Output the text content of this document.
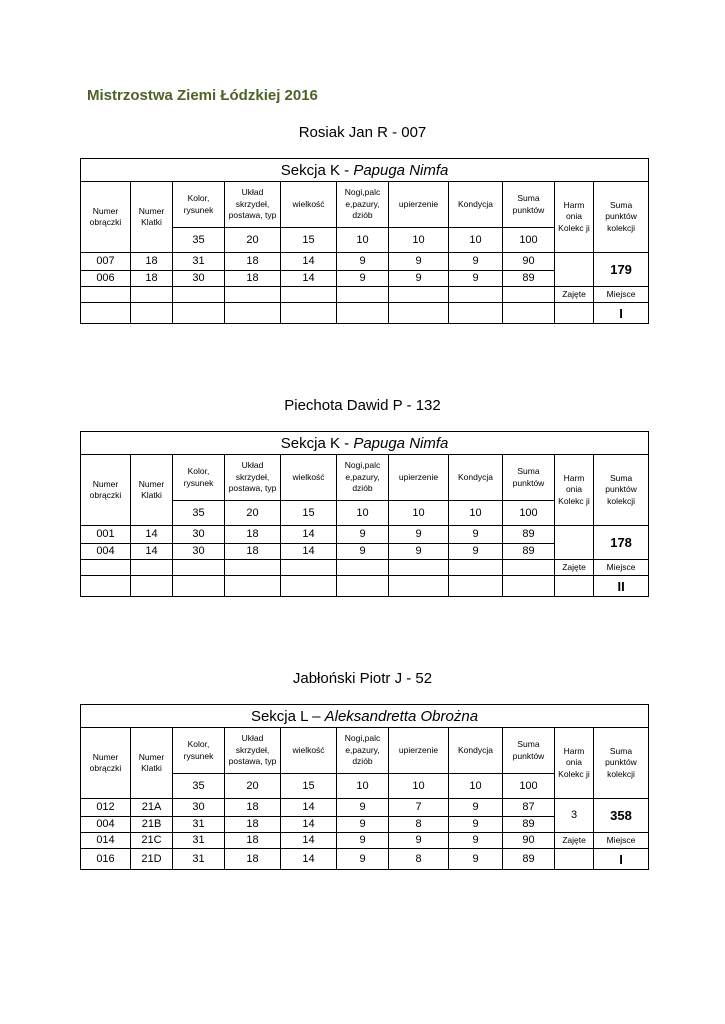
Mistrzostwa Ziemi Łódzkiej 2016
Rosiak Jan R - 007
Sekcja K - Papuga Nimfa										
Numer obrączki	Numer Klatki	Kolor, rysunek	Układ skrzydeł, postawa, typ	wielkość	Nogi,palc e,pazury, dziób	upierzenie	Kondycja	Suma punktów	Harm onia Kolekc ji	Suma punktów kolekcji
		35	20	15	10	10	10	100		
007	18	31	18	14	9	9	9	90		179
006	18	30	18	14	9	9	9	89		
									Zajęte	Miejsce
										I
Piechota Dawid P - 132
Sekcja K - Papuga Nimfa										
Numer obrączki	Numer Klatki	Kolor, rysunek	Układ skrzydeł, postawa, typ	wielkość	Nogi,palc e,pazury, dziób	upierzenie	Kondycja	Suma punktów	Harm onia Kolekc ji	Suma punktów kolekcji
		35	20	15	10	10	10	100		
001	14	30	18	14	9	9	9	89		178
004	14	30	18	14	9	9	9	89		
									Zajęte	Miejsce
										II
Jabłoński Piotr J - 52
Sekcja L – Aleksandretta Obrożna										
Numer obrączki	Numer Klatki	Kolor, rysunek	Układ skrzydeł, postawa, typ	wielkość	Nogi,palc e,pazury, dziób	upierzenie	Kondycja	Suma punktów	Harm onia Kolekc ji	Suma punktów kolekcji
		35	20	15	10	10	10	100		
012	21A	30	18	14	9	7	9	87	3	358
004	21B	31	18	14	9	8	9	89		
014	21C	31	18	14	9	9	9	90	Zajęte	Miejsce
016	21D	31	18	14	9	8	9	89		I
